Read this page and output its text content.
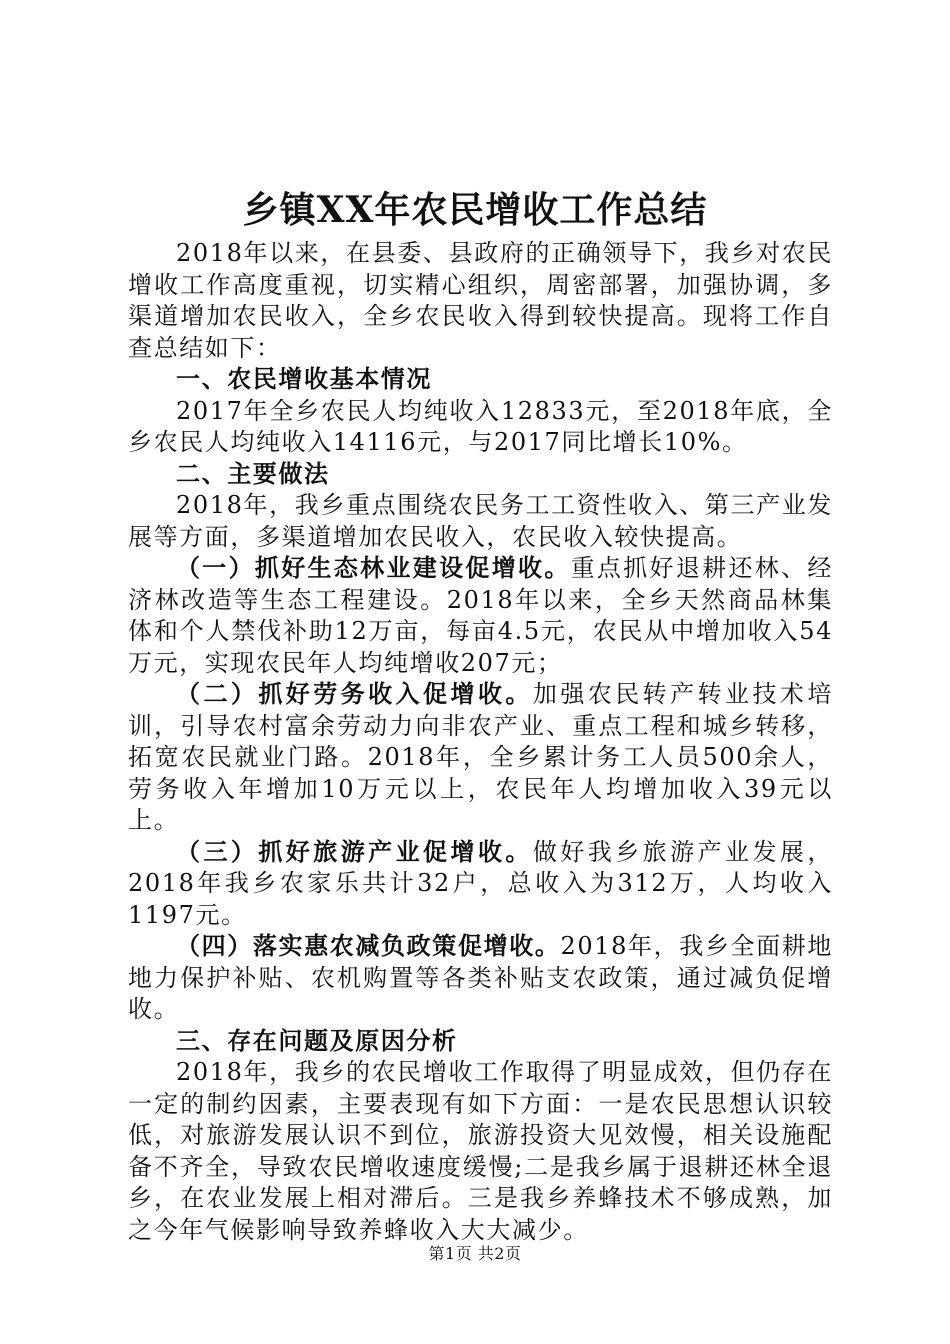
乡镇XX年农民增收工作总结

2018年以来，在县委、县政府的正确领导下，我乡对农民增收工作高度重视，切实精心组织，周密部署，加强协调，多渠道增加农民收入，全乡农民收入得到较快提高。现将工作自查总结如下：

一、农民增收基本情况

2017年全乡农民人均纯收入12833元，至2018年底，全乡农民人均纯收入14116元，与2017同比增长10%。

二、主要做法

2018年，我乡重点围绕农民务工工资性收入、第三产业发展等方面，多渠道增加农民收入，农民收入较快提高。

（一）抓好生态林业建设促增收。重点抓好退耕还林、经济林改造等生态工程建设。2018年以来，全乡天然商品林集体和个人禁伐补助12万亩，每亩4.5元，农民从中增加收入54万元，实现农民年人均纯增收207元；

（二）抓好劳务收入促增收。加强农民转产转业技术培训，引导农村富余劳动力向非农产业、重点工程和城乡转移，拓宽农民就业门路。2018年，全乡累计务工人员500余人，劳务收入年增加10万元以上，农民年人均增加收入39元以上。

（三）抓好旅游产业促增收。做好我乡旅游产业发展，2018年我乡农家乐共计32户，总收入为312万，人均收入1197元。

（四）落实惠农减负政策促增收。2018年，我乡全面耕地地力保护补贴、农机购置等各类补贴支农政策，通过减负促增收。

三、存在问题及原因分析

2018年，我乡的农民增收工作取得了明显成效，但仍存在一定的制约因素，主要表现有如下方面：一是农民思想认识较低，对旅游发展认识不到位，旅游投资大见效慢，相关设施配备不齐全，导致农民增收速度缓慢;二是我乡属于退耕还林全退乡，在农业发展上相对滞后。三是我乡养蜂技术不够成熟，加之今年气候影响导致养蜂收入大大减少。

第1页 共2页
